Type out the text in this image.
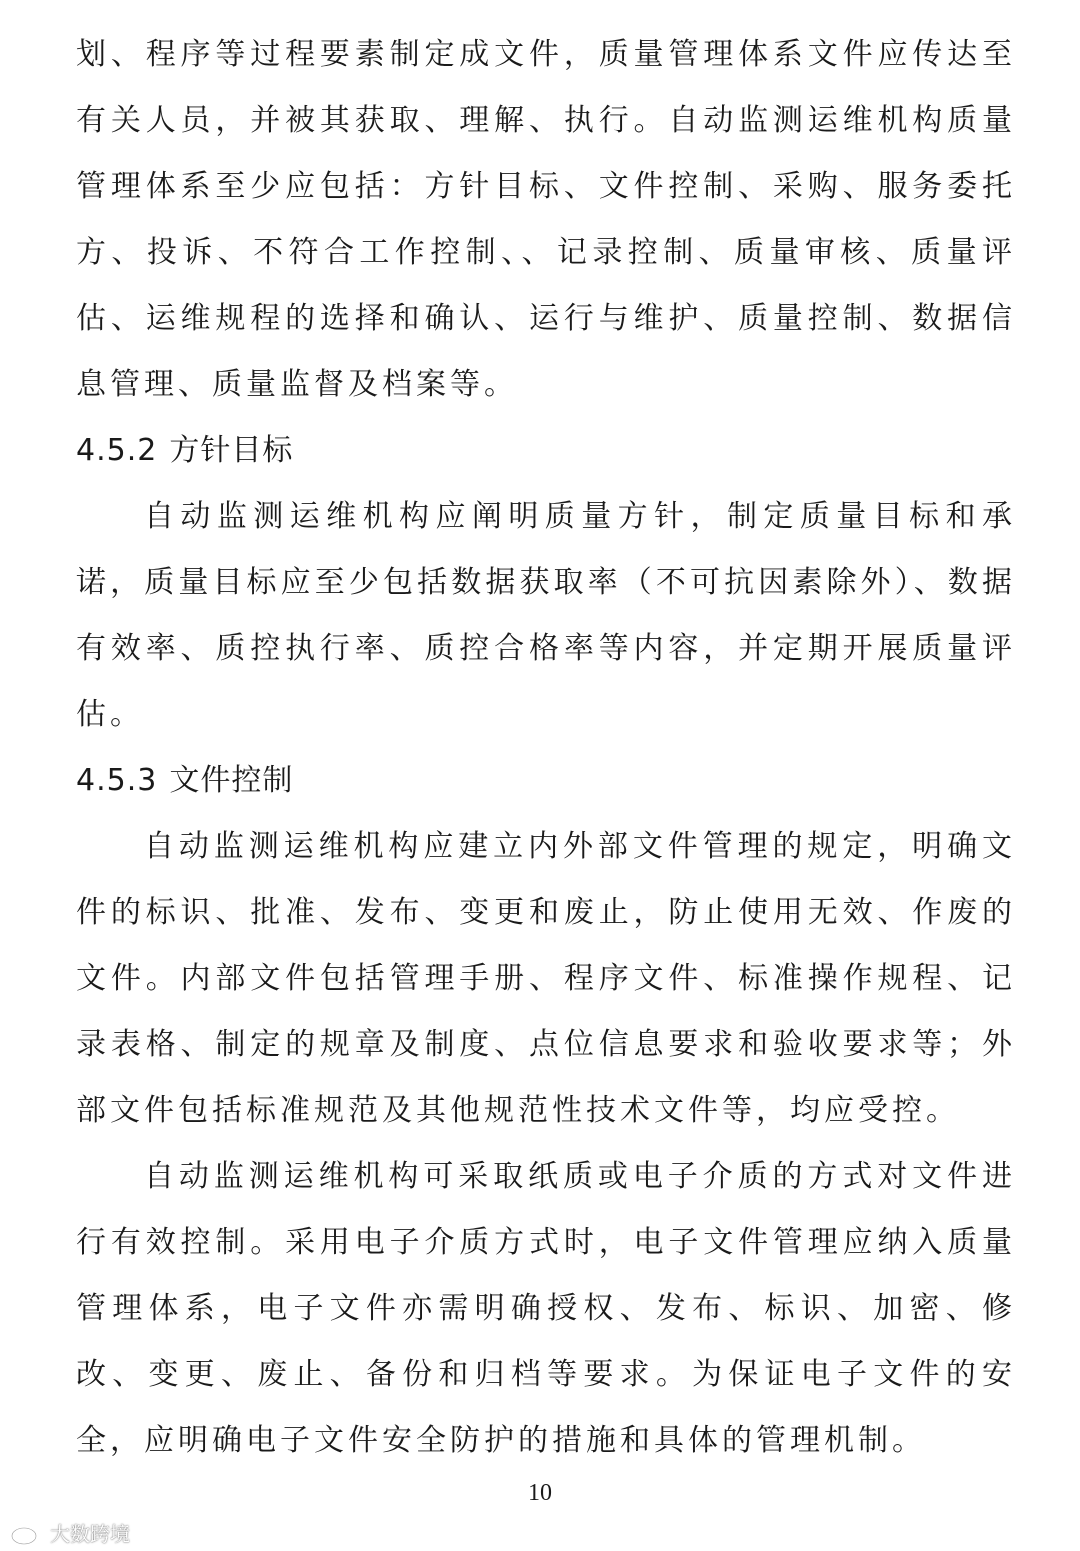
划、程序等过程要素制定成文件，质量管理体系文件应传达至有关人员，并被其获取、理解、执行。自动监测运维机构质量管理体系至少应包括：方针目标、文件控制、采购、服务委托方、投诉、不符合工作控制、、记录控制、质量审核、质量评估、运维规程的选择和确认、运行与维护、质量控制、数据信息管理、质量监督及档案等。

4.5.2 方针目标

自动监测运维机构应阐明质量方针，制定质量目标和承诺，质量目标应至少包括数据获取率（不可抗因素除外）、数据有效率、质控执行率、质控合格率等内容，并定期开展质量评估。

4.5.3 文件控制

自动监测运维机构应建立内外部文件管理的规定，明确文件的标识、批准、发布、变更和废止，防止使用无效、作废的文件。内部文件包括管理手册、程序文件、标准操作规程、记录表格、制定的规章及制度、点位信息要求和验收要求等；外部文件包括标准规范及其他规范性技术文件等，均应受控。

自动监测运维机构可采取纸质或电子介质的方式对文件进行有效控制。采用电子介质方式时，电子文件管理应纳入质量管理体系，电子文件亦需明确授权、发布、标识、加密、修改、变更、废止、备份和归档等要求。为保证电子文件的安全，应明确电子文件安全防护的措施和具体的管理机制。

10
大数跨境
